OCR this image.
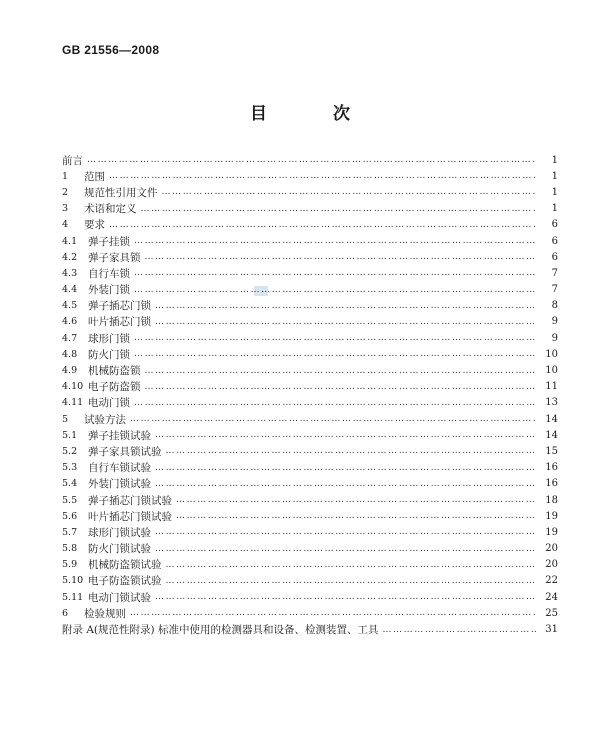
GB 21556—2008
目 次
前言 …………………………………………………………………………………………………………………………………………………………………	1
1	范围 …………………………………………………………………………………………………………………………………………………………………	1
2	规范性引用文件 …………………………………………………………………………………………………………………………………………………………………	1
3	术语和定义 …………………………………………………………………………………………………………………………………………………………………	1
4	要求 …………………………………………………………………………………………………………………………………………………………………	6
4.1	弹子挂锁 …………………………………………………………………………………………………………………………………………………………………	6
4.2	弹子家具锁 …………………………………………………………………………………………………………………………………………………………………	6
4.3	自行车锁 …………………………………………………………………………………………………………………………………………………………………	7
4.4	外装门锁 …………………………………………………………………………………………………………………………………………………………………	7
4.5	弹子插芯门锁 …………………………………………………………………………………………………………………………………………………………………	8
4.6	叶片插芯门锁 …………………………………………………………………………………………………………………………………………………………………	9
4.7	球形门锁 …………………………………………………………………………………………………………………………………………………………………	9
4.8	防火门锁 …………………………………………………………………………………………………………………………………………………………………	10
4.9	机械防盗锁 …………………………………………………………………………………………………………………………………………………………………	10
4.10 电子防盗锁 …………………………………………………………………………………………………………………………………………………………………	11
4.11 电动门锁 …………………………………………………………………………………………………………………………………………………………………	13
5	试验方法 …………………………………………………………………………………………………………………………………………………………………	14
5.1	弹子挂锁试验 …………………………………………………………………………………………………………………………………………………………………	14
5.2	弹子家具锁试验 …………………………………………………………………………………………………………………………………………………………………	15
5.3	自行车锁试验 …………………………………………………………………………………………………………………………………………………………………	16
5.4	外装门锁试验 …………………………………………………………………………………………………………………………………………………………………	16
5.5	弹子插芯门锁试验 …………………………………………………………………………………………………………………………………………………………………	18
5.6	叶片插芯门锁试验 …………………………………………………………………………………………………………………………………………………………………	19
5.7	球形门锁试验 …………………………………………………………………………………………………………………………………………………………………	19
5.8	防火门锁试验 …………………………………………………………………………………………………………………………………………………………………	20
5.9	机械防盗锁试验 …………………………………………………………………………………………………………………………………………………………………	20
5.10 电子防盗锁试验 …………………………………………………………………………………………………………………………………………………………………	22
5.11 电动门锁试验 …………………………………………………………………………………………………………………………………………………………………	24
6	检验规则 …………………………………………………………………………………………………………………………………………………………………	25
附录 A(规范性附录) 标准中使用的检测器具和设备、检测装置、工具 …………………………………………………………………………………………………………………………………………………………………	31
